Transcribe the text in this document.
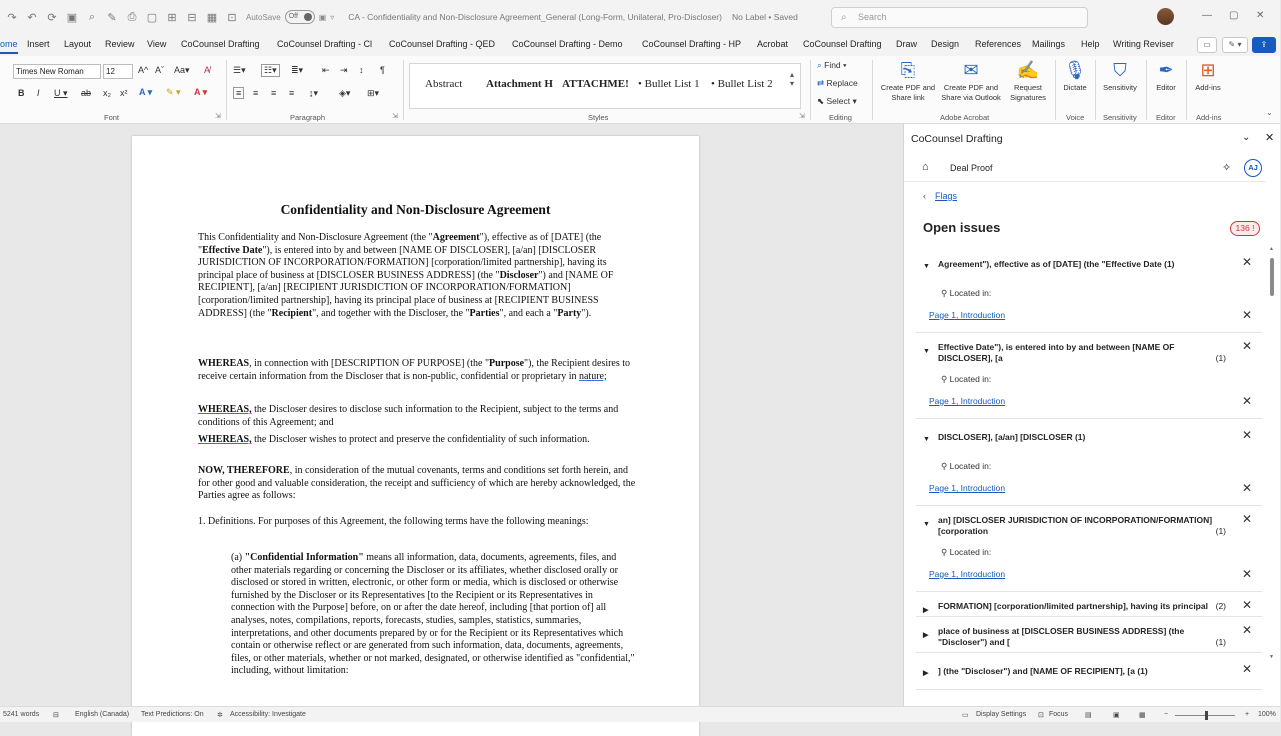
↷ ↶ ⟳ ▣	⌕	✎ ⎙ ▢ ⊞ ⊟ ▦ ⊡	AutoSave	Off	▣ ▿ CA - Confidentiality and Non-Disclosure Agreement_General (Long-Form, Unilateral, Pro-Discloser) No Label • Saved	⌕ Search	— ▢ ✕
ome Insert Layout Review View CoCounsel Drafting CoCounsel Drafting - Cl CoCounsel Drafting - QED CoCounsel Drafting - Demo CoCounsel Drafting - HP Acrobat CoCounsel Drafting Draw Design References Mailings Help Writing Reviser	▭	✎ ▾	⇪
Times New Roman	12	A^ Aˇ Aa▾ A̸
B I U ▾ ab x₂ x² A ▾ ✎ ▾ A ▾
Font	⇲
☰▾	☷▾	≣▾ ⇤ ⇥ ↕ ¶
≡	≡ ≡ ≡ ↨▾ ◈▾ ⊞▾
Paragraph	⇲
Abstract Attachment H ATTACHME! • Bullet List 1 • Bullet List 2
▴
▾
Styles	⇲
⌕ Find ▾
⇄ Replace
⬉ Select ▾
Editing
⎘
Create PDF and Share link
✉
Create PDF and Share via Outlook
✍
Request Signatures
Adobe Acrobat
🎙
Dictate
Voice
⛉
Sensitivity
Sensitivity
✒
Editor
Editor
⊞
Add-ins
Add-ins
⌄
Confidentiality and Non-Disclosure Agreement

This Confidentiality and Non-Disclosure Agreement (the "Agreement"), effective as of [DATE] (the "Effective Date"), is entered into by and between [NAME OF DISCLOSER], [a/an] [DISCLOSER JURISDICTION OF INCORPORATION/FORMATION] [corporation/limited partnership], having its principal place of business at [DISCLOSER BUSINESS ADDRESS] (the "Discloser") and [NAME OF RECIPIENT], [a/an] [RECIPIENT JURISDICTION OF INCORPORATION/FORMATION] [corporation/limited partnership], having its principal place of business at [RECIPIENT BUSINESS ADDRESS] (the "Recipient", and together with the Discloser, the "Parties", and each a "Party").

WHEREAS, in connection with [DESCRIPTION OF PURPOSE] (the "Purpose"), the Recipient desires to receive certain information from the Discloser that is non-public, confidential or proprietary in nature;

WHEREAS, the Discloser desires to disclose such information to the Recipient, subject to the terms and conditions of this Agreement; and

WHEREAS, the Discloser wishes to protect and preserve the confidentiality of such information.

NOW, THEREFORE, in consideration of the mutual covenants, terms and conditions set forth herein, and for other good and valuable consideration, the receipt and sufficiency of which are hereby acknowledged, the Parties agree as follows:

1. Definitions. For purposes of this Agreement, the following terms have the following meanings:

(a) "Confidential Information" means all information, data, documents, agreements, files, and other materials regarding or concerning the Discloser or its affiliates, whether disclosed orally or disclosed or stored in written, electronic, or other form or media, which is disclosed or otherwise furnished by the Discloser or its Representatives [to the Recipient or its Representatives in connection with the Purpose] before, on or after the date hereof, including [that portion of] all analyses, notes, compilations, reports, forecasts, studies, samples, statistics, summaries, interpretations, and other documents prepared by or for the Recipient or its Representatives which contain or otherwise reflect or are generated from such information, data, documents, agreements, files, or other materials, whether or not marked, designated, or otherwise identified as "confidential," including, without limitation:

CoCounsel Drafting	⌄ ✕
⌂ Deal Proof	✧	AJ
‹ Flags
Open issues	136 !
▼ Agreement"), effective as of [DATE] (the "Effective Date (1)	✕
⚲ Located in:
Page 1, Introduction	✕
▼ Effective Date"), is entered into by and between [NAME OF DISCLOSER], [a	(1)
✕
⚲ Located in:
Page 1, Introduction	✕
▼ DISCLOSER], [a/an] [DISCLOSER (1)	✕
⚲ Located in:
Page 1, Introduction	✕
▼ an] [DISCLOSER JURISDICTION OF INCORPORATION/FORMATION] [corporation	(1)
✕
⚲ Located in:
Page 1, Introduction	✕
▶ FORMATION] [corporation/limited partnership], having its principal (2) ✕
▶ place of business at [DISCLOSER BUSINESS ADDRESS] (the "Discloser") and [	(1)
✕
▶ ] (the "Discloser") and [NAME OF RECIPIENT], [a (1)	✕
▲
▼
5241 words ⊟ English (Canada) Text Predictions: On ✲ Accessibility: Investigate	▭ Display Settings ⊡ Focus ▤	▣	▦	−	+ 100%
